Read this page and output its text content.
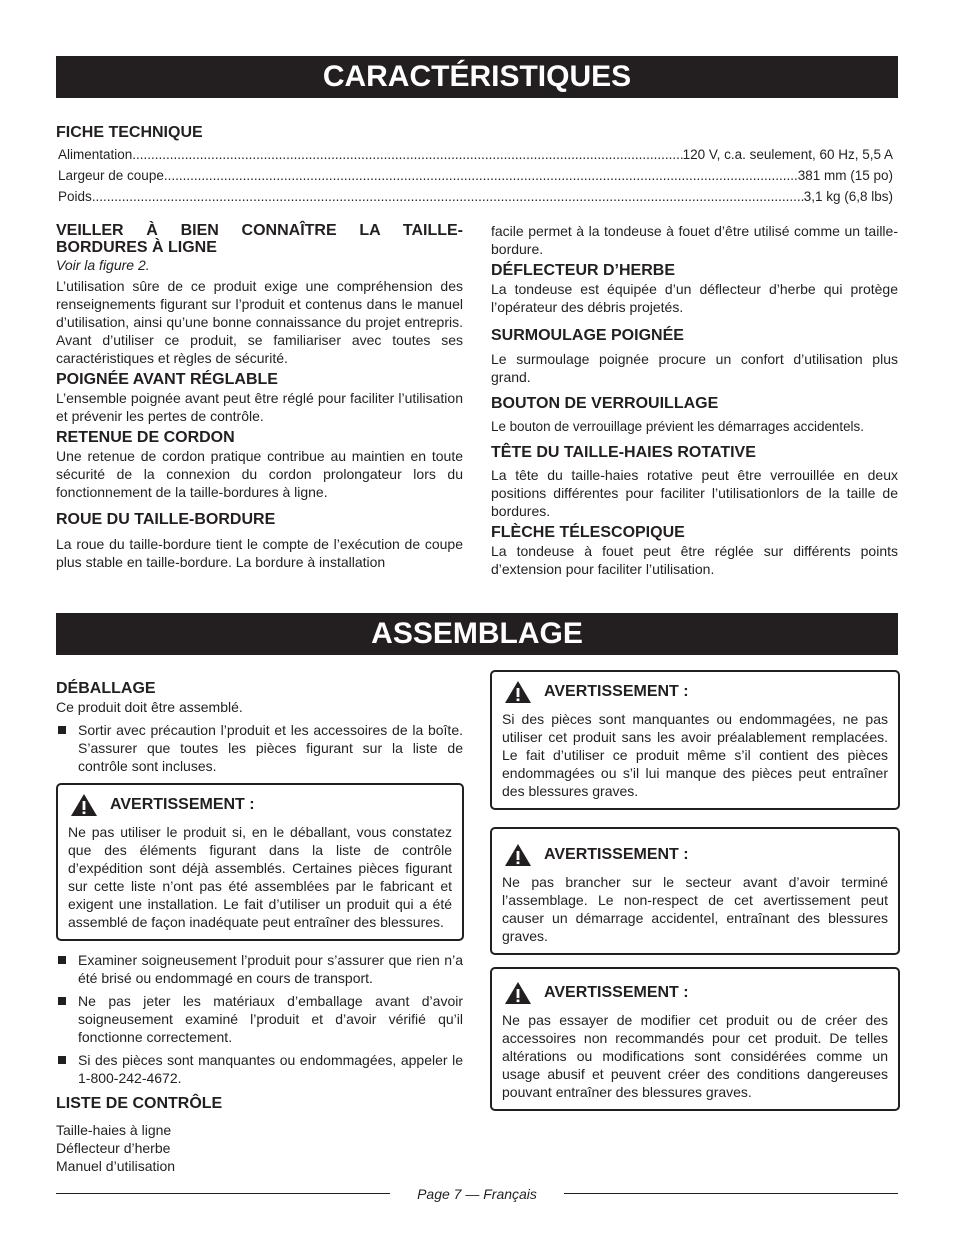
CARACTÉRISTIQUES
FICHE TECHNIQUE
Alimentation .....	120 V, c.a. seulement, 60 Hz, 5,5 A
Largeur de coupe .....	381 mm (15 po)
Poids .....	3,1 kg (6,8 lbs)
VEILLER À BIEN CONNAÎTRE LA TAILLE-BORDURES À LIGNE
Voir la figure 2.
L’utilisation sûre de ce produit exige une compréhension des renseignements figurant sur l’produit et contenus dans le manuel d’utilisation, ainsi qu’une bonne connaissance du projet entrepris. Avant d’utiliser ce produit, se familiariser avec toutes ses caractéristiques et règles de sécurité.
POIGNÉE AVANT RÉGLABLE
L’ensemble poignée avant peut être réglé pour faciliter l’utilisation et prévenir les pertes de contrôle.
RETENUE DE CORDON
Une retenue de cordon pratique contribue au maintien en toute sécurité de la connexion du cordon prolongateur lors du fonctionnement de la taille-bordures à ligne.
ROUE DU TAILLE-BORDURE
La roue du taille-bordure tient le compte de l’exécution de coupe plus stable en taille-bordure. La bordure à installation
facile permet à la tondeuse à fouet d’être utilisé comme un taille-bordure.
DÉFLECTEUR D’HERBE
La tondeuse est équipée d’un déflecteur d’herbe qui protège l’opérateur des débris projetés.
SURMOULAGE POIGNÉE
Le surmoulage poignée procure un confort d’utilisation plus grand.
BOUTON DE VERROUILLAGE
Le bouton de verrouillage prévient les démarrages accidentels.
TÊTE DU TAILLE-HAIES ROTATIVE
La tête du taille-haies rotative peut être verrouillée en deux positions différentes pour faciliter l’utilisationlors de la taille de bordures.
FLÈCHE TÉLESCOPIQUE
La tondeuse à fouet peut être réglée sur différents points d’extension pour faciliter l’utilisation.
ASSEMBLAGE
DÉBALLAGE
Ce produit doit être assemblé.
Sortir avec précaution l’produit et les accessoires de la boîte. S’assurer que toutes les pièces figurant sur la liste de contrôle sont incluses.
AVERTISSEMENT :
Ne pas utiliser le produit si, en le déballant, vous constatez que des éléments figurant dans la liste de contrôle d’expédition sont déjà assemblés. Certaines pièces figurant sur cette liste n’ont pas été assemblées par le fabricant et exigent une installation. Le fait d’utiliser un produit qui a été assemblé de façon inadéquate peut entraîner des blessures.
Examiner soigneusement l’produit pour s’assurer que rien n’a été brisé ou endommagé en cours de transport.
Ne pas jeter les matériaux d’emballage avant d’avoir soigneusement examiné l’produit et d’avoir vérifié qu’il fonctionne correctement.
Si des pièces sont manquantes ou endommagées, appeler le 1-800-242-4672.
LISTE DE CONTRÔLE
Taille-haies à ligne
Déflecteur d’herbe
Manuel d’utilisation
AVERTISSEMENT :
Si des pièces sont manquantes ou endommagées, ne pas utiliser cet produit sans les avoir préalablement remplacées. Le fait d’utiliser ce produit même s’il contient des pièces endommagées ou s’il lui manque des pièces peut entraîner des blessures graves.
AVERTISSEMENT :
Ne pas brancher sur le secteur avant d’avoir terminé l’assemblage. Le non-respect de cet avertissement peut causer un démarrage accidentel, entraînant des blessures graves.
AVERTISSEMENT :
Ne pas essayer de modifier cet produit ou de créer des accessoires non recommandés pour cet produit. De telles altérations ou modifications sont considérées comme un usage abusif et peuvent créer des conditions dangereuses pouvant entraîner des blessures graves.
Page 7 — Français
